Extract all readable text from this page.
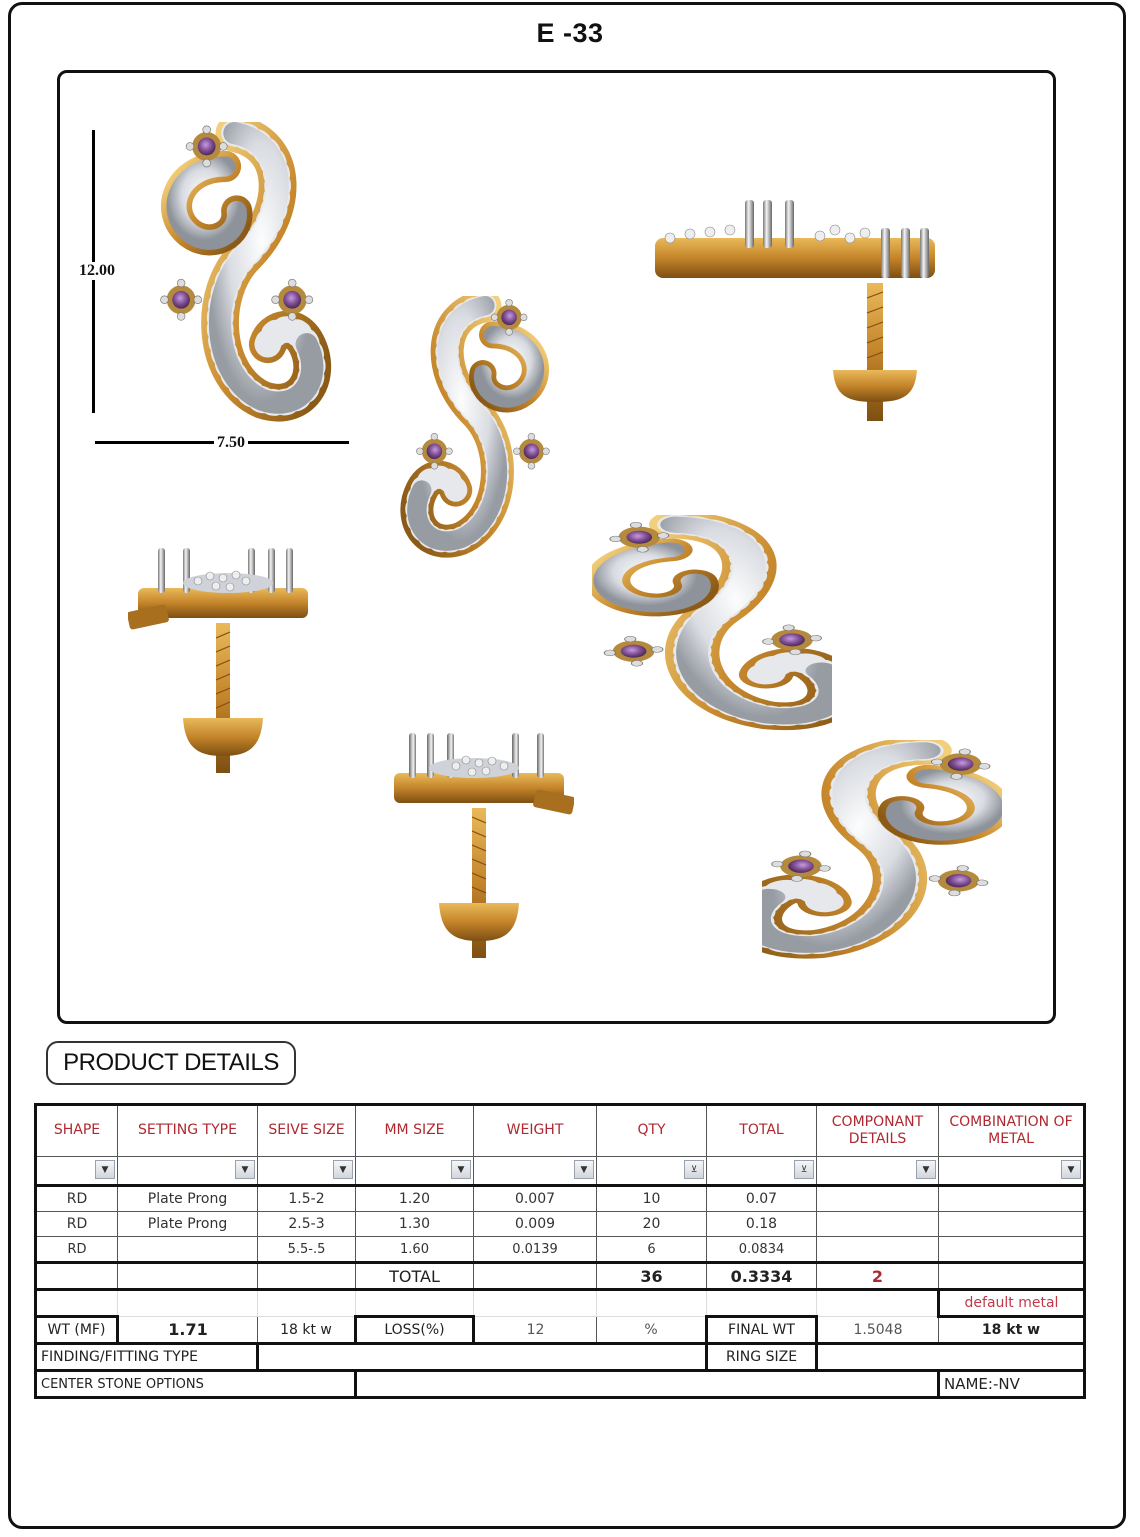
E -33
12.00
7.50
PRODUCT DETAILS
SHAPE	SETTING TYPE	SEIVE SIZE	MM SIZE	WEIGHT	QTY	TOTAL	COMPONANT DETAILS	COMBINATION OF METAL

▼	▼	▼	▼	▼	⊻	⊻	▼	▼

RD	Plate Prong	1.5-2	1.20	0.007	10	0.07		
RD	Plate Prong	2.5-3	1.30	0.009	20	0.18		
RD		5.5-.5	1.60	0.0139	6	0.0834		
			TOTAL		36	0.3334	2	
								default metal
WT (MF)	1.71	18 kt w	LOSS(%)	12	%	FINAL WT	1.5048	18 kt w
FINDING/FITTING TYPE						RING SIZE		
CENTER STONE OPTIONS								NAME:-NV
